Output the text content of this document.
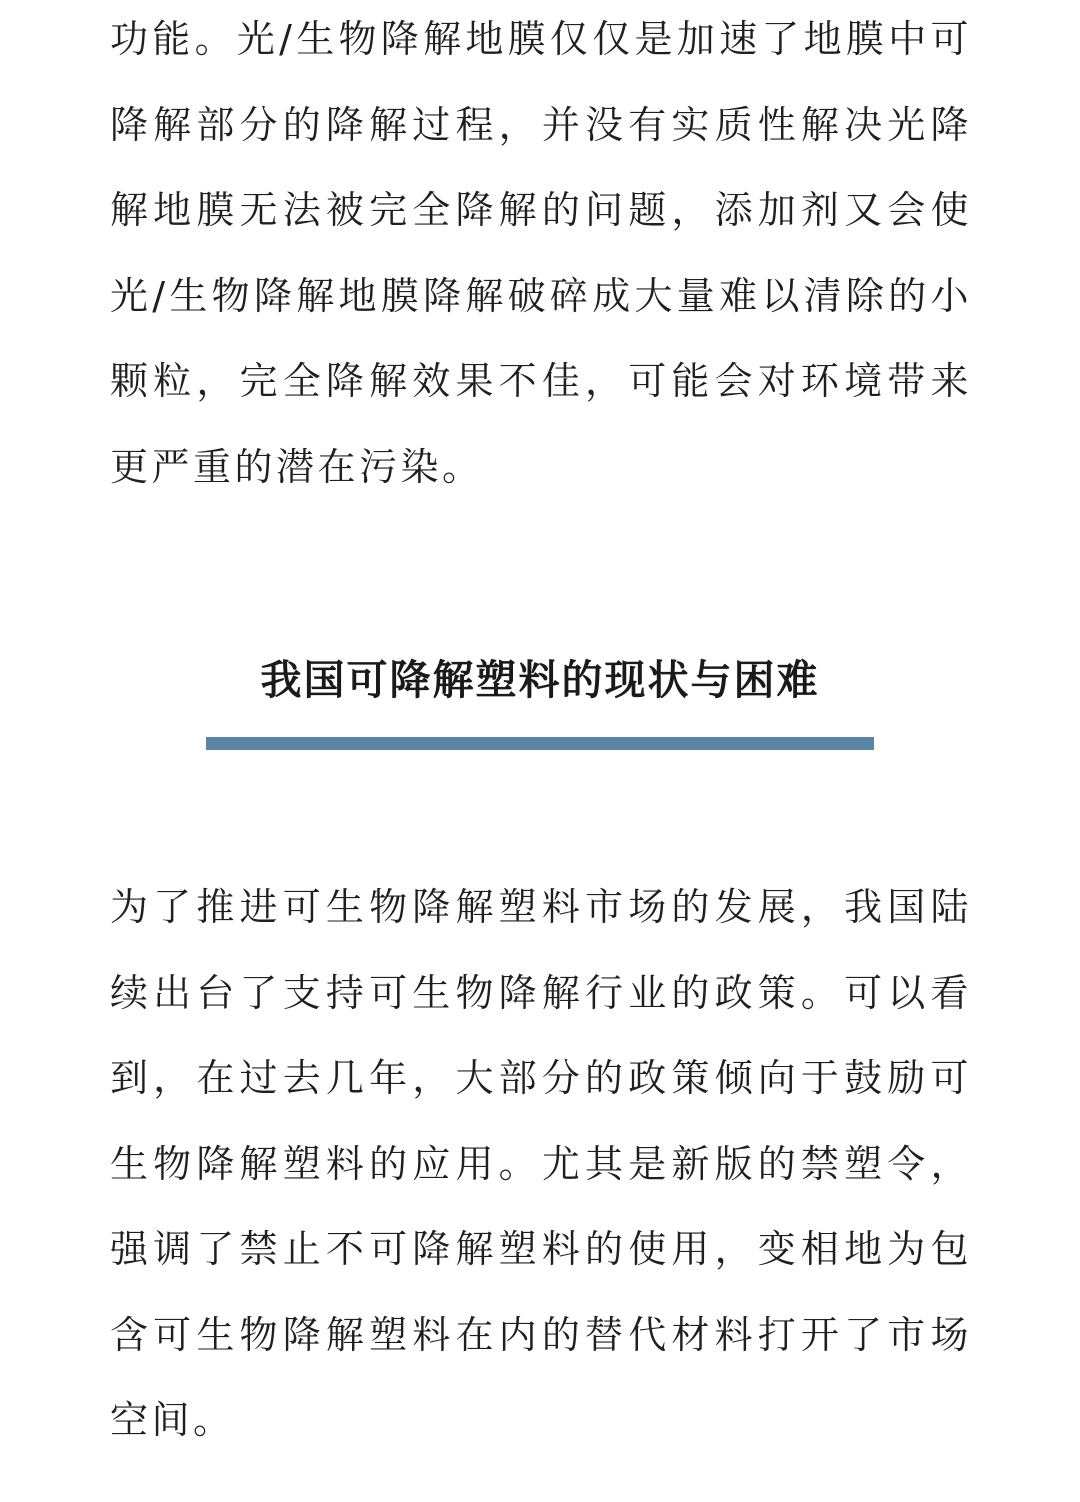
功能。光/生物降解地膜仅仅是加速了地膜中可降解部分的降解过程，并没有实质性解决光降解地膜无法被完全降解的问题，添加剂又会使光/生物降解地膜降解破碎成大量难以清除的小颗粒，完全降解效果不佳，可能会对环境带来更严重的潜在污染。

我国可降解塑料的现状与困难

为了推进可生物降解塑料市场的发展，我国陆续出台了支持可生物降解行业的政策。可以看到，在过去几年，大部分的政策倾向于鼓励可生物降解塑料的应用。尤其是新版的禁塑令，强调了禁止不可降解塑料的使用，变相地为包含可生物降解塑料在内的替代材料打开了市场空间。
